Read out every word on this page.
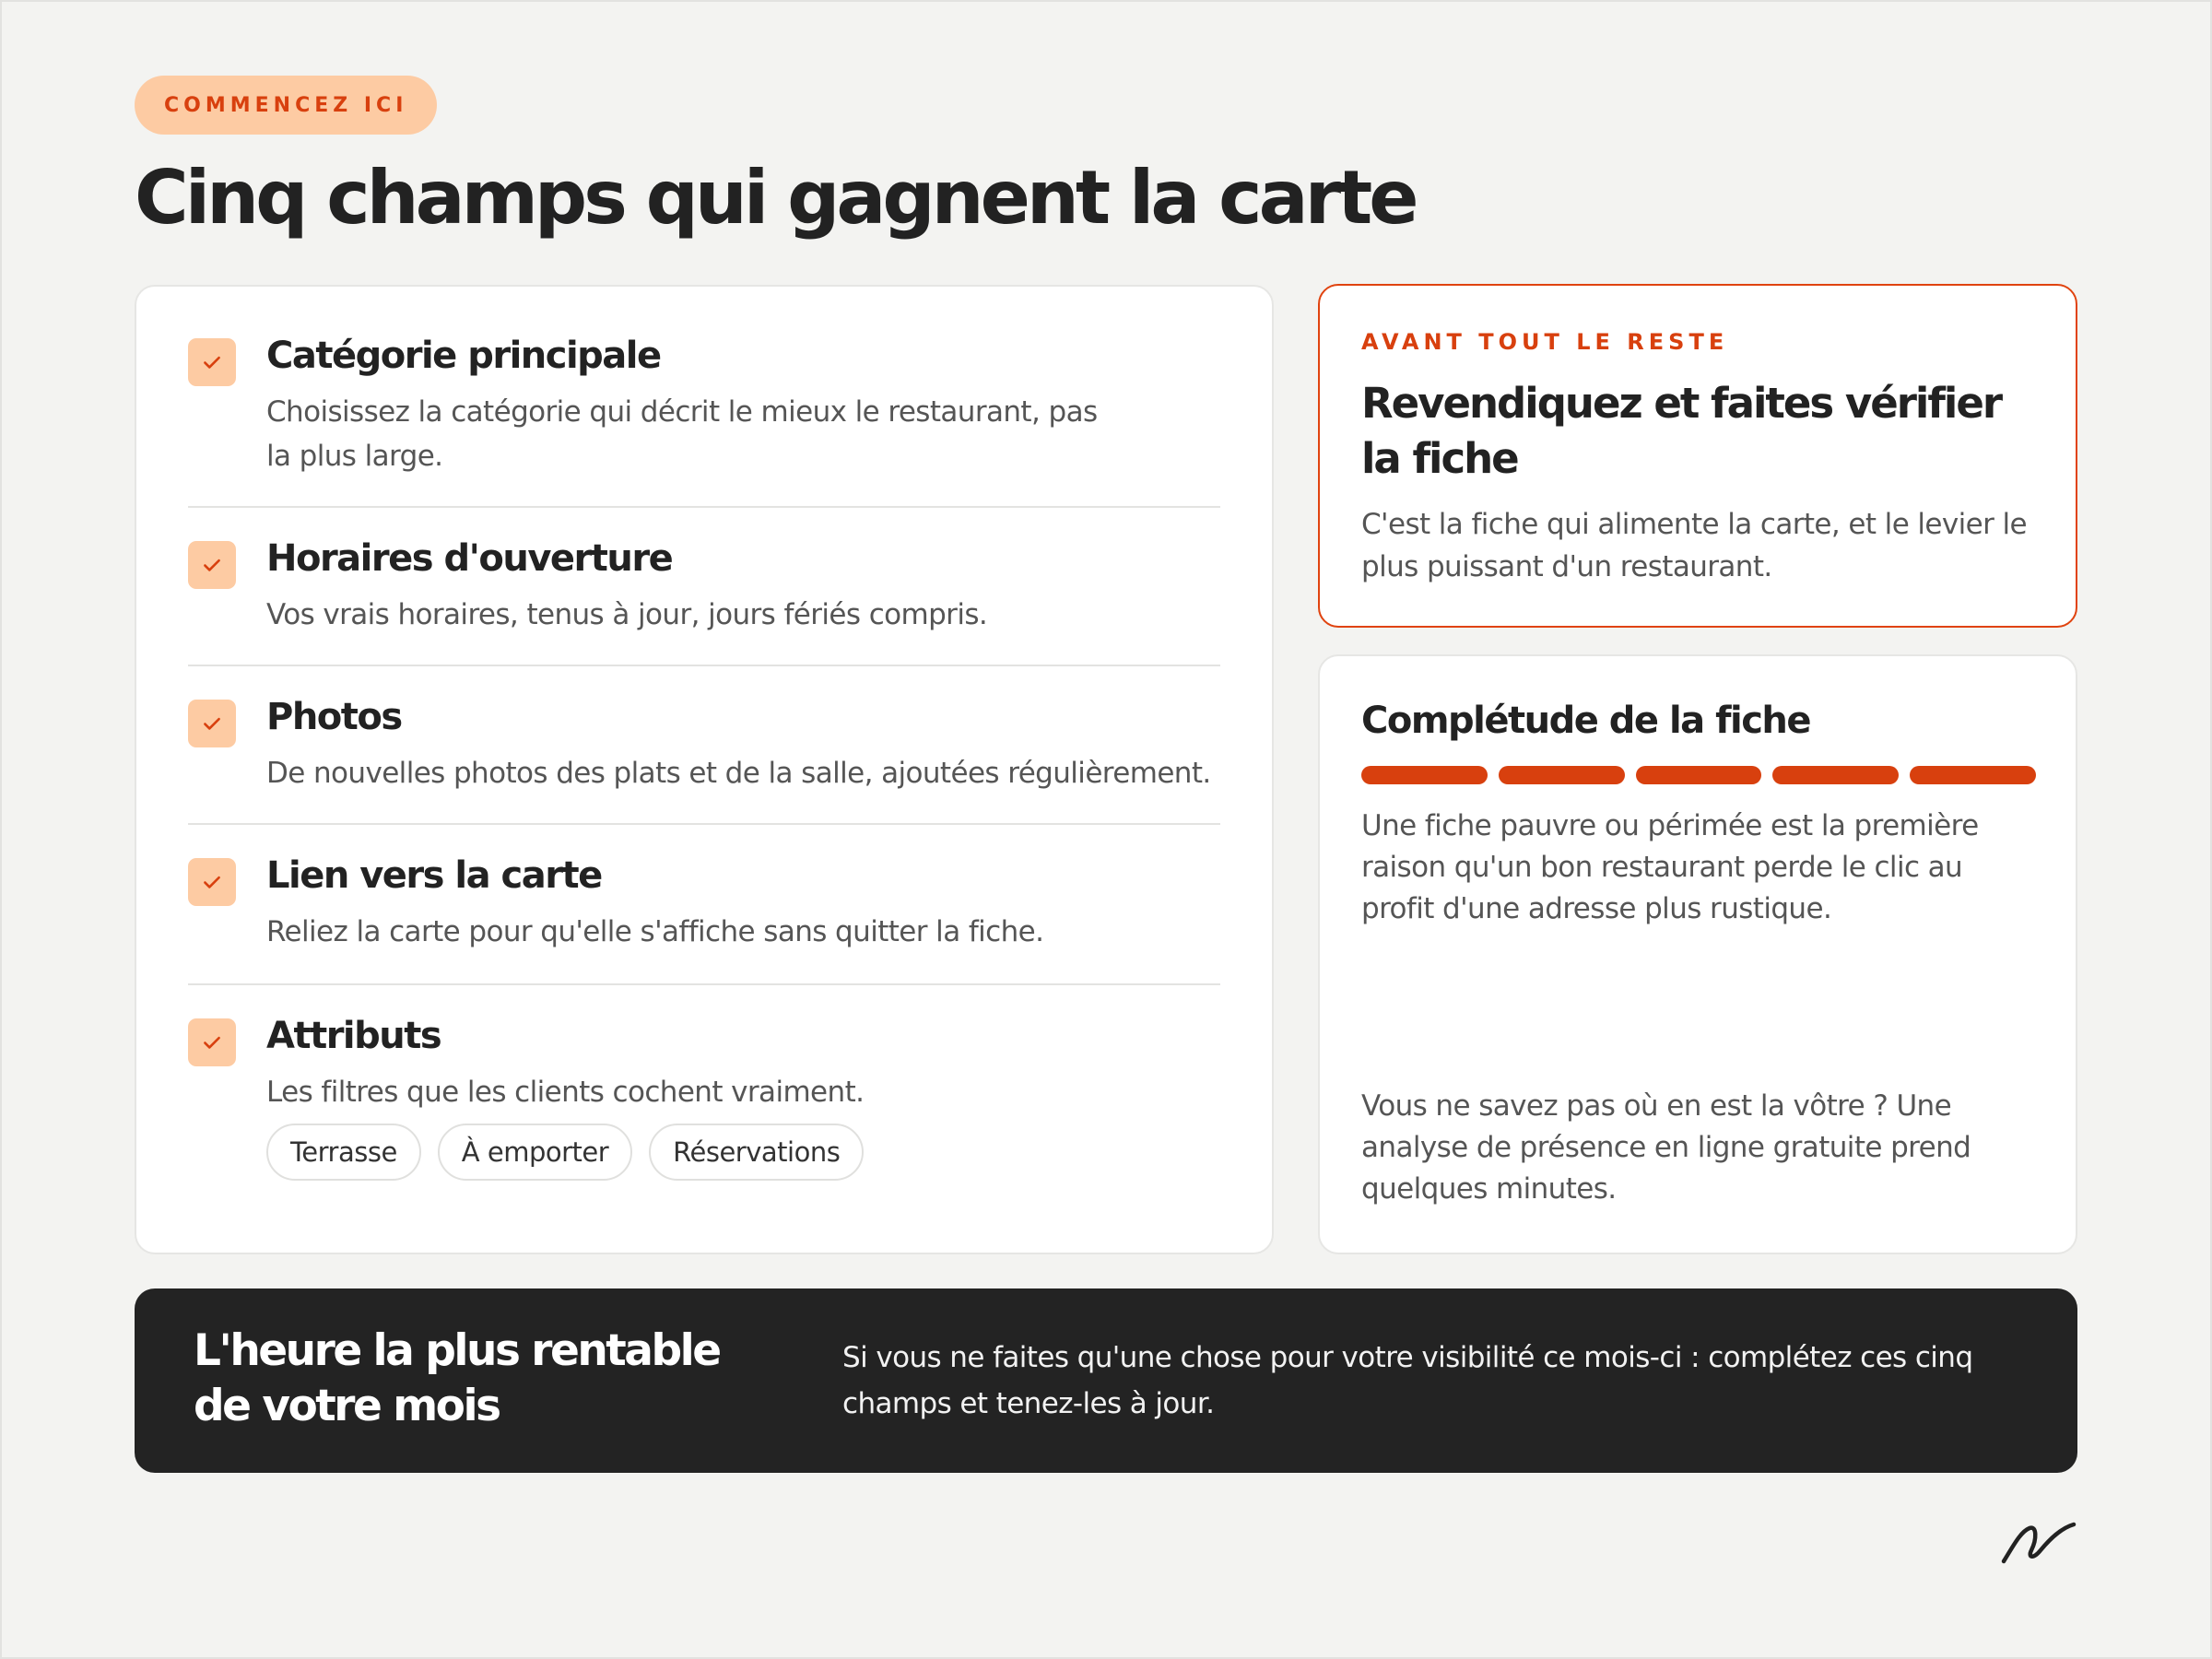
COMMENCEZ ICI
Cinq champs qui gagnent la carte
Catégorie principale
Choisissez la catégorie qui décrit le mieux le restaurant, pas la plus large.
Horaires d'ouverture
Vos vrais horaires, tenus à jour, jours fériés compris.
Photos
De nouvelles photos des plats et de la salle, ajoutées régulièrement.
Lien vers la carte
Reliez la carte pour qu'elle s'affiche sans quitter la fiche.
Attributs
Les filtres que les clients cochent vraiment.
Terrasse	À emporter	Réservations
AVANT TOUT LE RESTE
Revendiquez et faites vérifier la fiche

C'est la fiche qui alimente la carte, et le levier le plus puissant d'un restaurant.

Complétude de la fiche

Une fiche pauvre ou périmée est la première raison qu'un bon restaurant perde le clic au profit d'une adresse plus rustique.

Vous ne savez pas où en est la vôtre ? Une analyse de présence en ligne gratuite prend quelques minutes.

L'heure la plus rentable de votre mois

Si vous ne faites qu'une chose pour votre visibilité ce mois-ci : complétez ces cinq champs et tenez-les à jour.
